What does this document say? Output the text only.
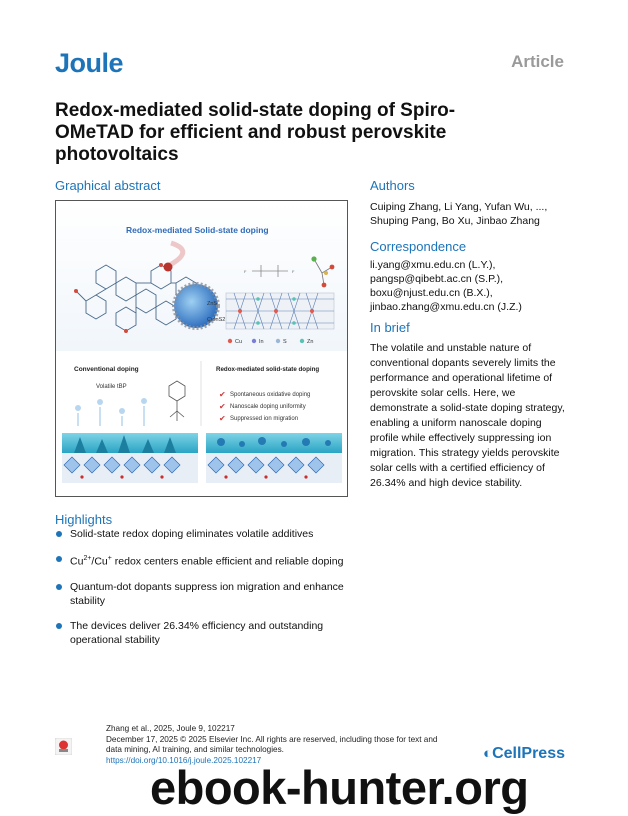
Joule	Article
Redox-mediated solid-state doping of Spiro-OMeTAD for efficient and robust perovskite photovoltaics
Graphical abstract
Redox-mediated Solid-state doping
ZnS
CuInS2
F	F
Cu	In	S	Zn
Conventional doping
Volatile tBP
Redox-mediated solid-state doping
✔ Spontaneous oxidative doping
✔ Nanoscale doping uniformity
✔ Suppressed ion migration
Authors
Cuiping Zhang, Li Yang, Yufan Wu, ..., Shuping Pang, Bo Xu, Jinbao Zhang
Correspondence
li.yang@xmu.edu.cn (L.Y.),
pangsp@qibebt.ac.cn (S.P.),
boxu@njust.edu.cn (B.X.),
jinbao.zhang@xmu.edu.cn (J.Z.)
In brief
The volatile and unstable nature of conventional dopants severely limits the performance and operational lifetime of perovskite solar cells. Here, we demonstrate a solid-state doping strategy, enabling a uniform nanoscale doping profile while effectively suppressing ion migration. This strategy yields perovskite solar cells with a certified efficiency of 26.34% and high device stability.
Highlights
Solid-state redox doping eliminates volatile additives
$Cu^{2+}/Cu^+$ redox centers enable efficient and reliable doping
Quantum-dot dopants suppress ion migration and enhance stability
The devices deliver 26.34% efficiency and outstanding operational stability
Zhang et al., 2025, Joule 9, 102217
December 17, 2025 © 2025 Elsevier Inc. All rights are reserved, including those for text and data mining, AI training, and similar technologies.
https://doi.org/10.1016/j.joule.2025.102217	◐CellPress
ebook-hunter.org
